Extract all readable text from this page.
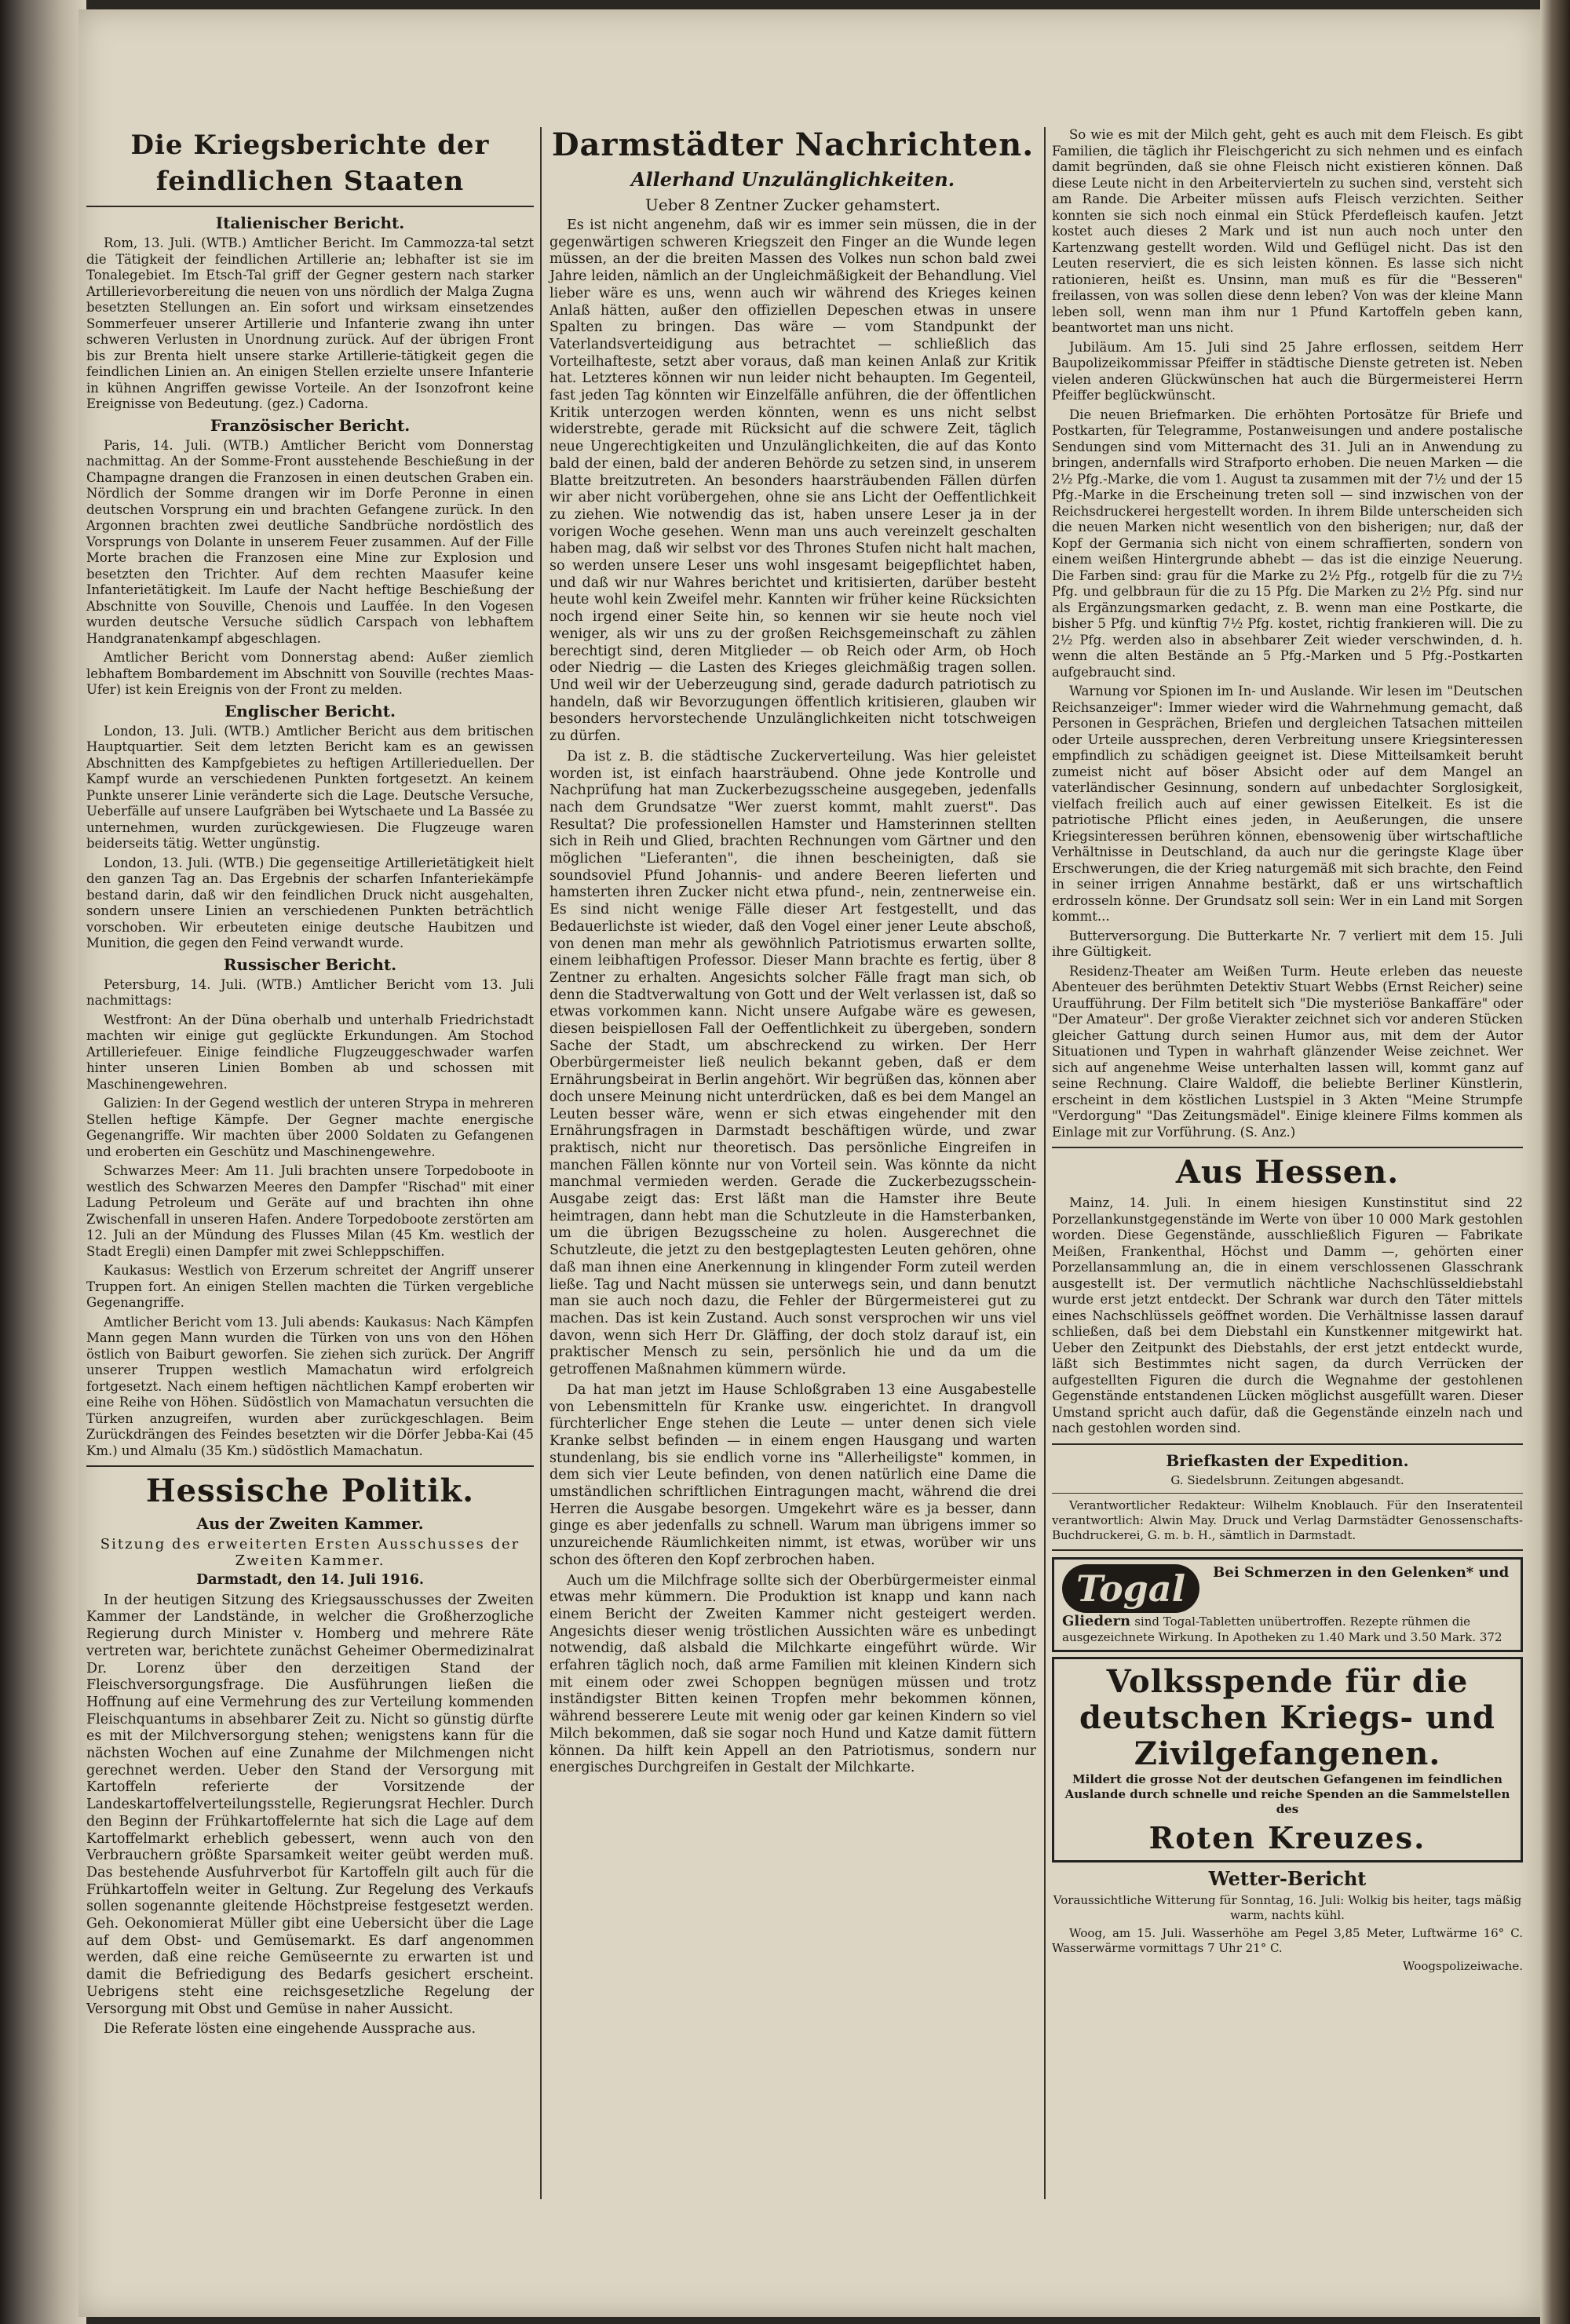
Die Kriegsberichte der feindlichen Staaten
Italienischer Bericht.

Rom, 13. Juli. (WTB.) Amtlicher Bericht. Im Cammozza-tal setzt die Tätigkeit der feindlichen Artillerie an; lebhafter ist sie im Tonalegebiet. Im Etsch-Tal griff der Gegner gestern nach starker Artillerievorbereitung die neuen von uns nördlich der Malga Zugna besetzten Stellungen an. Ein sofort und wirksam einsetzendes Sommerfeuer unserer Artillerie und Infanterie zwang ihn unter schweren Verlusten in Unordnung zurück. Auf der übrigen Front bis zur Brenta hielt unsere starke Artillerie-tätigkeit gegen die feindlichen Linien an. An einigen Stellen erzielte unsere Infanterie in kühnen Angriffen gewisse Vorteile. An der Isonzofront keine Ereignisse von Bedeutung. (gez.) Cadorna.

Französischer Bericht.

Paris, 14. Juli. (WTB.) Amtlicher Bericht vom Donnerstag nachmittag. An der Somme-Front ausstehende Beschießung in der Champagne drangen die Franzosen in einen deutschen Graben ein. Nördlich der Somme drangen wir im Dorfe Peronne in einen deutschen Vorsprung ein und brachten Gefangene zurück. In den Argonnen brachten zwei deutliche Sandbrüche nordöstlich des Vorsprungs von Dolante in unserem Feuer zusammen. Auf der Fille Morte brachen die Franzosen eine Mine zur Explosion und besetzten den Trichter. Auf dem rechten Maasufer keine Infanterietätigkeit. Im Laufe der Nacht heftige Beschießung der Abschnitte von Souville, Chenois und Lauffée. In den Vogesen wurden deutsche Versuche südlich Carspach von lebhaftem Handgranatenkampf abgeschlagen.

Amtlicher Bericht vom Donnerstag abend: Außer ziemlich lebhaftem Bombardement im Abschnitt von Souville (rechtes Maas-Ufer) ist kein Ereignis von der Front zu melden.

Englischer Bericht.

London, 13. Juli. (WTB.) Amtlicher Bericht aus dem britischen Hauptquartier. Seit dem letzten Bericht kam es an gewissen Abschnitten des Kampfgebietes zu heftigen Artillerieduellen. Der Kampf wurde an verschiedenen Punkten fortgesetzt. An keinem Punkte unserer Linie veränderte sich die Lage. Deutsche Versuche, Ueberfälle auf unsere Laufgräben bei Wytschaete und La Bassée zu unternehmen, wurden zurückgewiesen. Die Flugzeuge waren beiderseits tätig. Wetter ungünstig.

London, 13. Juli. (WTB.) Die gegenseitige Artillerietätigkeit hielt den ganzen Tag an. Das Ergebnis der scharfen Infanteriekämpfe bestand darin, daß wir den feindlichen Druck nicht ausgehalten, sondern unsere Linien an verschiedenen Punkten beträchtlich vorschoben. Wir erbeuteten einige deutsche Haubitzen und Munition, die gegen den Feind verwandt wurde.

Russischer Bericht.

Petersburg, 14. Juli. (WTB.) Amtlicher Bericht vom 13. Juli nachmittags:

Westfront: An der Düna oberhalb und unterhalb Friedrichstadt machten wir einige gut geglückte Erkundungen. Am Stochod Artilleriefeuer. Einige feindliche Flugzeuggeschwader warfen hinter unseren Linien Bomben ab und schossen mit Maschinengewehren.

Galizien: In der Gegend westlich der unteren Strypa in mehreren Stellen heftige Kämpfe. Der Gegner machte energische Gegenangriffe. Wir machten über 2000 Soldaten zu Gefangenen und eroberten ein Geschütz und Maschinengewehre.

Schwarzes Meer: Am 11. Juli brachten unsere Torpedoboote in westlich des Schwarzen Meeres den Dampfer "Rischad" mit einer Ladung Petroleum und Geräte auf und brachten ihn ohne Zwischenfall in unseren Hafen. Andere Torpedoboote zerstörten am 12. Juli an der Mündung des Flusses Milan (45 Km. westlich der Stadt Eregli) einen Dampfer mit zwei Schleppschiffen.

Kaukasus: Westlich von Erzerum schreitet der Angriff unserer Truppen fort. An einigen Stellen machten die Türken vergebliche Gegenangriffe.

Amtlicher Bericht vom 13. Juli abends: Kaukasus: Nach Kämpfen Mann gegen Mann wurden die Türken von uns von den Höhen östlich von Baiburt geworfen. Sie ziehen sich zurück. Der Angriff unserer Truppen westlich Mamachatun wird erfolgreich fortgesetzt. Nach einem heftigen nächtlichen Kampf eroberten wir eine Reihe von Höhen. Südöstlich von Mamachatun versuchten die Türken anzugreifen, wurden aber zurückgeschlagen. Beim Zurückdrängen des Feindes besetzten wir die Dörfer Jebba-Kai (45 Km.) und Almalu (35 Km.) südöstlich Mamachatun.

Hessische Politik.
Aus der Zweiten Kammer.
Sitzung des erweiterten Ersten Ausschusses der Zweiten Kammer.

Darmstadt, den 14. Juli 1916.

In der heutigen Sitzung des Kriegsausschusses der Zweiten Kammer der Landstände, in welcher die Großherzogliche Regierung durch Minister v. Homberg und mehrere Räte vertreten war, berichtete zunächst Geheimer Obermedizinalrat Dr. Lorenz über den derzeitigen Stand der Fleischversorgungsfrage. Die Ausführungen ließen die Hoffnung auf eine Vermehrung des zur Verteilung kommenden Fleischquantums in absehbarer Zeit zu. Nicht so günstig dürfte es mit der Milchversorgung stehen; wenigstens kann für die nächsten Wochen auf eine Zunahme der Milchmengen nicht gerechnet werden. Ueber den Stand der Versorgung mit Kartoffeln referierte der Vorsitzende der Landeskartoffelverteilungsstelle, Regierungsrat Hechler. Durch den Beginn der Frühkartoffelernte hat sich die Lage auf dem Kartoffelmarkt erheblich gebessert, wenn auch von den Verbrauchern größte Sparsamkeit weiter geübt werden muß. Das bestehende Ausfuhrverbot für Kartoffeln gilt auch für die Frühkartoffeln weiter in Geltung. Zur Regelung des Verkaufs sollen sogenannte gleitende Höchstpreise festgesetzt werden. Geh. Oekonomierat Müller gibt eine Uebersicht über die Lage auf dem Obst- und Gemüsemarkt. Es darf angenommen werden, daß eine reiche Gemüseernte zu erwarten ist und damit die Befriedigung des Bedarfs gesichert erscheint. Uebrigens steht eine reichsgesetzliche Regelung der Versorgung mit Obst und Gemüse in naher Aussicht.

Die Referate lösten eine eingehende Aussprache aus.

Darmstädter Nachrichten.
Allerhand Unzulänglichkeiten.
Ueber 8 Zentner Zucker gehamstert.

Es ist nicht angenehm, daß wir es immer sein müssen, die in der gegenwärtigen schweren Kriegszeit den Finger an die Wunde legen müssen, an der die breiten Massen des Volkes nun schon bald zwei Jahre leiden, nämlich an der Ungleichmäßigkeit der Behandlung. Viel lieber wäre es uns, wenn auch wir während des Krieges keinen Anlaß hätten, außer den offiziellen Depeschen etwas in unsere Spalten zu bringen. Das wäre — vom Standpunkt der Vaterlandsverteidigung aus betrachtet — schließlich das Vorteilhafteste, setzt aber voraus, daß man keinen Anlaß zur Kritik hat. Letzteres können wir nun leider nicht behaupten. Im Gegenteil, fast jeden Tag könnten wir Einzelfälle anführen, die der öffentlichen Kritik unterzogen werden könnten, wenn es uns nicht selbst widerstrebte, gerade mit Rücksicht auf die schwere Zeit, täglich neue Ungerechtigkeiten und Unzulänglichkeiten, die auf das Konto bald der einen, bald der anderen Behörde zu setzen sind, in unserem Blatte breitzutreten. An besonders haarsträubenden Fällen dürfen wir aber nicht vorübergehen, ohne sie ans Licht der Oeffentlichkeit zu ziehen. Wie notwendig das ist, haben unsere Leser ja in der vorigen Woche gesehen. Wenn man uns auch vereinzelt geschalten haben mag, daß wir selbst vor des Thrones Stufen nicht halt machen, so werden unsere Leser uns wohl insgesamt beigepflichtet haben, und daß wir nur Wahres berichtet und kritisierten, darüber besteht heute wohl kein Zweifel mehr. Kannten wir früher keine Rücksichten noch irgend einer Seite hin, so kennen wir sie heute noch viel weniger, als wir uns zu der großen Reichsgemeinschaft zu zählen berechtigt sind, deren Mitglieder — ob Reich oder Arm, ob Hoch oder Niedrig — die Lasten des Krieges gleichmäßig tragen sollen. Und weil wir der Ueberzeugung sind, gerade dadurch patriotisch zu handeln, daß wir Bevorzugungen öffentlich kritisieren, glauben wir besonders hervorstechende Unzulänglichkeiten nicht totschweigen zu dürfen.

Da ist z. B. die städtische Zuckerverteilung. Was hier geleistet worden ist, ist einfach haarsträubend. Ohne jede Kontrolle und Nachprüfung hat man Zuckerbezugsscheine ausgegeben, jedenfalls nach dem Grundsatze "Wer zuerst kommt, mahlt zuerst". Das Resultat? Die professionellen Hamster und Hamsterinnen stellten sich in Reih und Glied, brachten Rechnungen vom Gärtner und den möglichen "Lieferanten", die ihnen bescheinigten, daß sie soundsoviel Pfund Johannis- und andere Beeren lieferten und hamsterten ihren Zucker nicht etwa pfund-, nein, zentnerweise ein. Es sind nicht wenige Fälle dieser Art festgestellt, und das Bedauerlichste ist wieder, daß den Vogel einer jener Leute abschoß, von denen man mehr als gewöhnlich Patriotismus erwarten sollte, einem leibhaftigen Professor. Dieser Mann brachte es fertig, über 8 Zentner zu erhalten. Angesichts solcher Fälle fragt man sich, ob denn die Stadtverwaltung von Gott und der Welt verlassen ist, daß so etwas vorkommen kann. Nicht unsere Aufgabe wäre es gewesen, diesen beispiellosen Fall der Oeffentlichkeit zu übergeben, sondern Sache der Stadt, um abschreckend zu wirken. Der Herr Oberbürgermeister ließ neulich bekannt geben, daß er dem Ernährungsbeirat in Berlin angehört. Wir begrüßen das, können aber doch unsere Meinung nicht unterdrücken, daß es bei dem Mangel an Leuten besser wäre, wenn er sich etwas eingehender mit den Ernährungsfragen in Darmstadt beschäftigen würde, und zwar praktisch, nicht nur theoretisch. Das persönliche Eingreifen in manchen Fällen könnte nur von Vorteil sein. Was könnte da nicht manchmal vermieden werden. Gerade die Zuckerbezugsschein-Ausgabe zeigt das: Erst läßt man die Hamster ihre Beute heimtragen, dann hebt man die Schutzleute in die Hamsterbanken, um die übrigen Bezugsscheine zu holen. Ausgerechnet die Schutzleute, die jetzt zu den bestgeplagtesten Leuten gehören, ohne daß man ihnen eine Anerkennung in klingender Form zuteil werden ließe. Tag und Nacht müssen sie unterwegs sein, und dann benutzt man sie auch noch dazu, die Fehler der Bürgermeisterei gut zu machen. Das ist kein Zustand. Auch sonst versprochen wir uns viel davon, wenn sich Herr Dr. Gläffing, der doch stolz darauf ist, ein praktischer Mensch zu sein, persönlich hie und da um die getroffenen Maßnahmen kümmern würde.

Da hat man jetzt im Hause Schloßgraben 13 eine Ausgabestelle von Lebensmitteln für Kranke usw. eingerichtet. In drangvoll fürchterlicher Enge stehen die Leute — unter denen sich viele Kranke selbst befinden — in einem engen Hausgang und warten stundenlang, bis sie endlich vorne ins "Allerheiligste" kommen, in dem sich vier Leute befinden, von denen natürlich eine Dame die umständlichen schriftlichen Eintragungen macht, während die drei Herren die Ausgabe besorgen. Umgekehrt wäre es ja besser, dann ginge es aber jedenfalls zu schnell. Warum man übrigens immer so unzureichende Räumlichkeiten nimmt, ist etwas, worüber wir uns schon des öfteren den Kopf zerbrochen haben.

Auch um die Milchfrage sollte sich der Oberbürgermeister einmal etwas mehr kümmern. Die Produktion ist knapp und kann nach einem Bericht der Zweiten Kammer nicht gesteigert werden. Angesichts dieser wenig tröstlichen Aussichten wäre es unbedingt notwendig, daß alsbald die Milchkarte eingeführt würde. Wir erfahren täglich noch, daß arme Familien mit kleinen Kindern sich mit einem oder zwei Schoppen begnügen müssen und trotz inständigster Bitten keinen Tropfen mehr bekommen können, während besserere Leute mit wenig oder gar keinen Kindern so viel Milch bekommen, daß sie sogar noch Hund und Katze damit füttern können. Da hilft kein Appell an den Patriotismus, sondern nur energisches Durchgreifen in Gestalt der Milchkarte.

So wie es mit der Milch geht, geht es auch mit dem Fleisch. Es gibt Familien, die täglich ihr Fleischgericht zu sich nehmen und es einfach damit begründen, daß sie ohne Fleisch nicht existieren können. Daß diese Leute nicht in den Arbeitervierteln zu suchen sind, versteht sich am Rande. Die Arbeiter müssen aufs Fleisch verzichten. Seither konnten sie sich noch einmal ein Stück Pferdefleisch kaufen. Jetzt kostet auch dieses 2 Mark und ist nun auch noch unter den Kartenzwang gestellt worden. Wild und Geflügel nicht. Das ist den Leuten reserviert, die es sich leisten können. Es lasse sich nicht rationieren, heißt es. Unsinn, man muß es für die "Besseren" freilassen, von was sollen diese denn leben? Von was der kleine Mann leben soll, wenn man ihm nur 1 Pfund Kartoffeln geben kann, beantwortet man uns nicht.

Jubiläum. Am 15. Juli sind 25 Jahre erflossen, seitdem Herr Baupolizeikommissar Pfeiffer in städtische Dienste getreten ist. Neben vielen anderen Glückwünschen hat auch die Bürgermeisterei Herrn Pfeiffer beglückwünscht.

Die neuen Briefmarken. Die erhöhten Portosätze für Briefe und Postkarten, für Telegramme, Postanweisungen und andere postalische Sendungen sind vom Mitternacht des 31. Juli an in Anwendung zu bringen, andernfalls wird Strafporto erhoben. Die neuen Marken — die 2½ Pfg.-Marke, die vom 1. August ta zusammen mit der 7½ und der 15 Pfg.-Marke in die Erscheinung treten soll — sind inzwischen von der Reichsdruckerei hergestellt worden. In ihrem Bilde unterscheiden sich die neuen Marken nicht wesentlich von den bisherigen; nur, daß der Kopf der Germania sich nicht von einem schraffierten, sondern von einem weißen Hintergrunde abhebt — das ist die einzige Neuerung. Die Farben sind: grau für die Marke zu 2½ Pfg., rotgelb für die zu 7½ Pfg. und gelbbraun für die zu 15 Pfg. Die Marken zu 2½ Pfg. sind nur als Ergänzungsmarken gedacht, z. B. wenn man eine Postkarte, die bisher 5 Pfg. und künftig 7½ Pfg. kostet, richtig frankieren will. Die zu 2½ Pfg. werden also in absehbarer Zeit wieder verschwinden, d. h. wenn die alten Bestände an 5 Pfg.-Marken und 5 Pfg.-Postkarten aufgebraucht sind.

Warnung vor Spionen im In- und Auslande. Wir lesen im "Deutschen Reichsanzeiger": Immer wieder wird die Wahrnehmung gemacht, daß Personen in Gesprächen, Briefen und dergleichen Tatsachen mitteilen oder Urteile aussprechen, deren Verbreitung unsere Kriegsinteressen empfindlich zu schädigen geeignet ist. Diese Mitteilsamkeit beruht zumeist nicht auf böser Absicht oder auf dem Mangel an vaterländischer Gesinnung, sondern auf unbedachter Sorglosigkeit, vielfach freilich auch auf einer gewissen Eitelkeit. Es ist die patriotische Pflicht eines jeden, in Aeußerungen, die unsere Kriegsinteressen berühren können, ebensowenig über wirtschaftliche Verhältnisse in Deutschland, da auch nur die geringste Klage über Erschwerungen, die der Krieg naturgemäß mit sich brachte, den Feind in seiner irrigen Annahme bestärkt, daß er uns wirtschaftlich erdrosseln könne. Der Grundsatz soll sein: Wer in ein Land mit Sorgen kommt...

Butterversorgung. Die Butterkarte Nr. 7 verliert mit dem 15. Juli ihre Gültigkeit.

Residenz-Theater am Weißen Turm. Heute erleben das neueste Abenteuer des berühmten Detektiv Stuart Webbs (Ernst Reicher) seine Uraufführung. Der Film betitelt sich "Die mysteriöse Bankaffäre" oder "Der Amateur". Der große Vierakter zeichnet sich vor anderen Stücken gleicher Gattung durch seinen Humor aus, mit dem der Autor Situationen und Typen in wahrhaft glänzender Weise zeichnet. Wer sich auf angenehme Weise unterhalten lassen will, kommt ganz auf seine Rechnung. Claire Waldoff, die beliebte Berliner Künstlerin, erscheint in dem köstlichen Lustspiel in 3 Akten "Meine Strumpfe "Verdorgung" "Das Zeitungsmädel". Einige kleinere Films kommen als Einlage mit zur Vorführung. (S. Anz.)

Aus Hessen.

Mainz, 14. Juli. In einem hiesigen Kunstinstitut sind 22 Porzellankunstgegenstände im Werte von über 10 000 Mark gestohlen worden. Diese Gegenstände, ausschließlich Figuren — Fabrikate Meißen, Frankenthal, Höchst und Damm —, gehörten einer Porzellansammlung an, die in einem verschlossenen Glasschrank ausgestellt ist. Der vermutlich nächtliche Nachschlüsseldiebstahl wurde erst jetzt entdeckt. Der Schrank war durch den Täter mittels eines Nachschlüssels geöffnet worden. Die Verhältnisse lassen darauf schließen, daß bei dem Diebstahl ein Kunstkenner mitgewirkt hat. Ueber den Zeitpunkt des Diebstahls, der erst jetzt entdeckt wurde, läßt sich Bestimmtes nicht sagen, da durch Verrücken der aufgestellten Figuren die durch die Wegnahme der gestohlenen Gegenstände entstandenen Lücken möglichst ausgefüllt waren. Dieser Umstand spricht auch dafür, daß die Gegenstände einzeln nach und nach gestohlen worden sind.

Briefkasten der Expedition.

G. Siedelsbrunn. Zeitungen abgesandt.

Verantwortlicher Redakteur: Wilhelm Knoblauch. Für den Inseratenteil verantwortlich: Alwin May. Druck und Verlag Darmstädter Genossenschafts-Buchdruckerei, G. m. b. H., sämtlich in Darmstadt.

Togal Bei Schmerzen in den Gelenken* und Gliedern sind Togal-Tabletten unübertroffen. Rezepte rühmen die ausgezeichnete Wirkung. In Apotheken zu 1.40 Mark und 3.50 Mark. 372
Volksspende für die deutschen Kriegs- und Zivilgefangenen.

Mildert die grosse Not der deutschen Gefangenen im feindlichen Auslande durch schnelle und reiche Spenden an die Sammelstellen des

Roten Kreuzes.
Wetter-Bericht

Voraussichtliche Witterung für Sonntag, 16. Juli: Wolkig bis heiter, tags mäßig warm, nachts kühl.

Woog, am 15. Juli. Wasserhöhe am Pegel 3,85 Meter, Luftwärme 16° C. Wasserwärme vormittags 7 Uhr 21° C.

Woogspolizeiwache.
